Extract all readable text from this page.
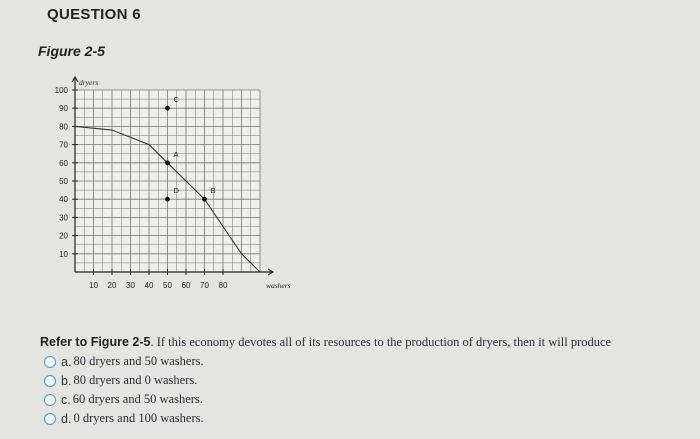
QUESTION 6
Figure 2-5
10
20
30
40
50
60
70
80
90
100
10 20 30 40 50 60 70 80
dryers
washers
C
A
D	B
Refer to Figure 2-5. If this economy devotes all of its resources to the production of dryers, then it will produce
a. 80 dryers and 50 washers.
b. 80 dryers and 0 washers.
c. 60 dryers and 50 washers.
d. 0 dryers and 100 washers.
